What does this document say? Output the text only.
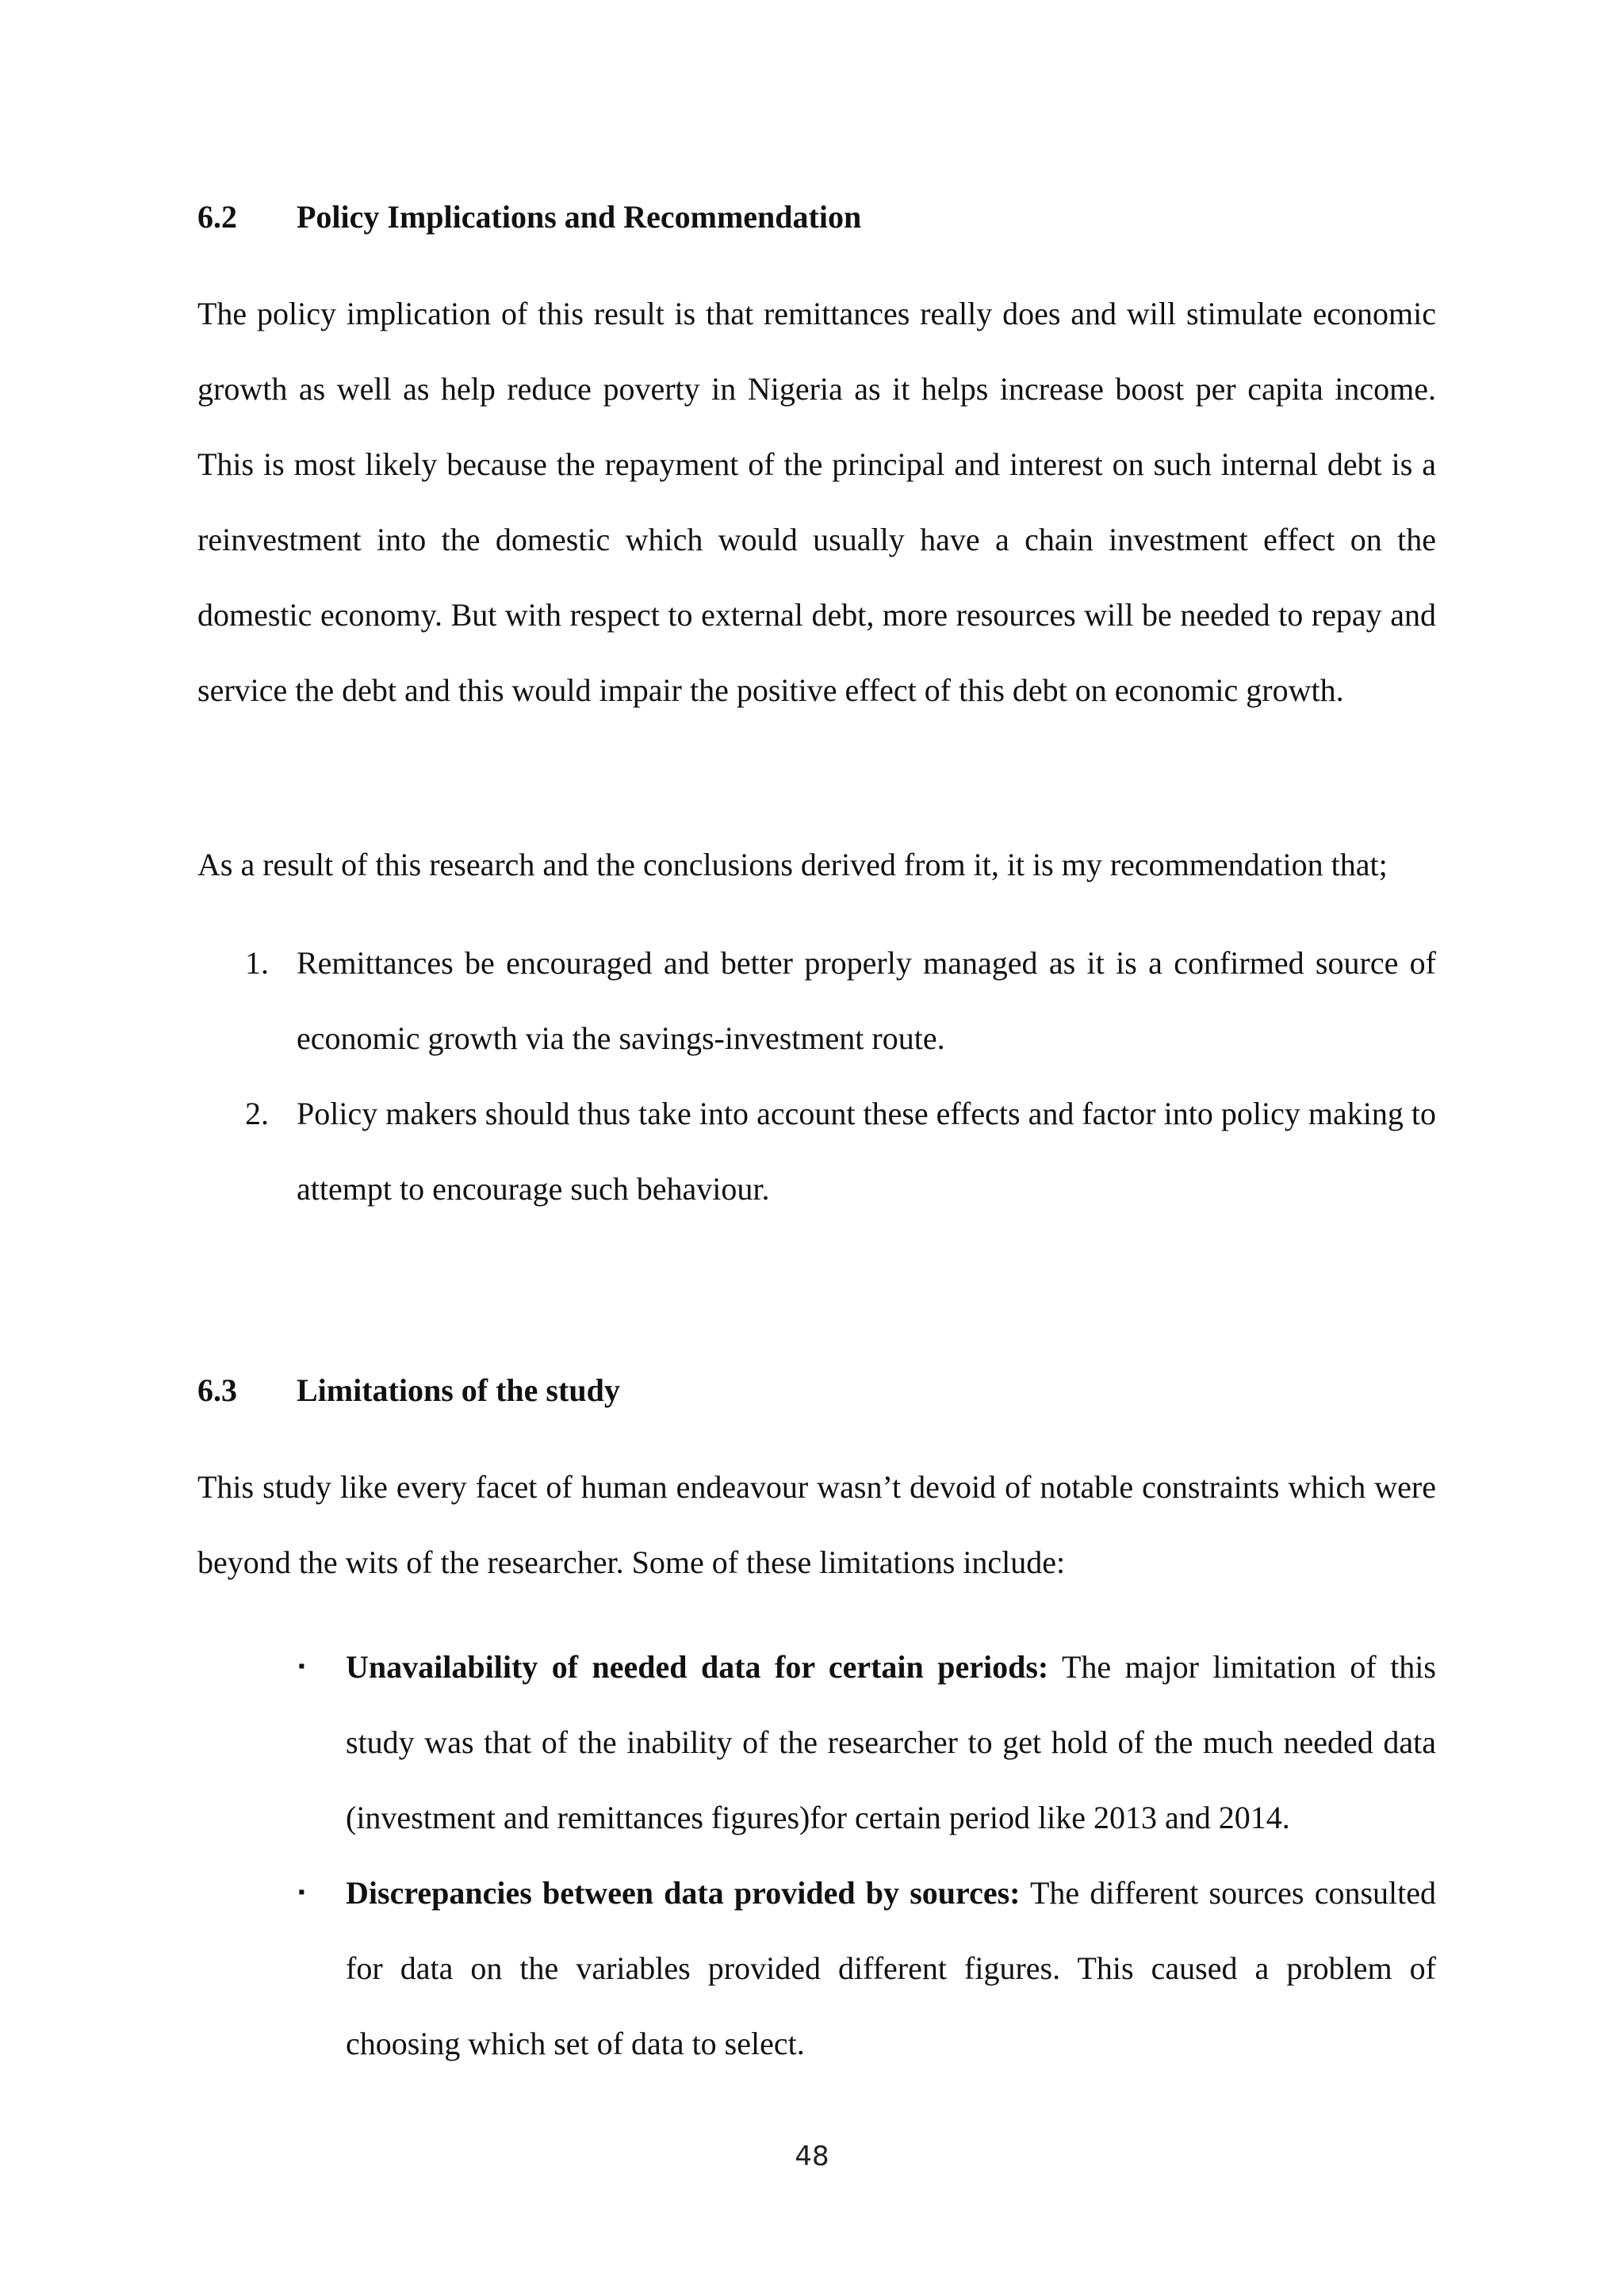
6.2 Policy Implications and Recommendation
The policy implication of this result is that remittances really does and will stimulate economic growth as well as help reduce poverty in Nigeria as it helps increase boost per capita income. This is most likely because the repayment of the principal and interest on such internal debt is a reinvestment into the domestic which would usually have a chain investment effect on the domestic economy. But with respect to external debt, more resources will be needed to repay and service the debt and this would impair the positive effect of this debt on economic growth.
As a result of this research and the conclusions derived from it, it is my recommendation that;
1. Remittances be encouraged and better properly managed as it is a confirmed source of economic growth via the savings-investment route.
2. Policy makers should thus take into account these effects and factor into policy making to attempt to encourage such behaviour.
6.3 Limitations of the study
This study like every facet of human endeavour wasn’t devoid of notable constraints which were beyond the wits of the researcher. Some of these limitations include:
▪ Unavailability of needed data for certain periods: The major limitation of this study was that of the inability of the researcher to get hold of the much needed data (investment and remittances figures)for certain period like 2013 and 2014.
▪ Discrepancies between data provided by sources: The different sources consulted for data on the variables provided different figures. This caused a problem of choosing which set of data to select.
48
